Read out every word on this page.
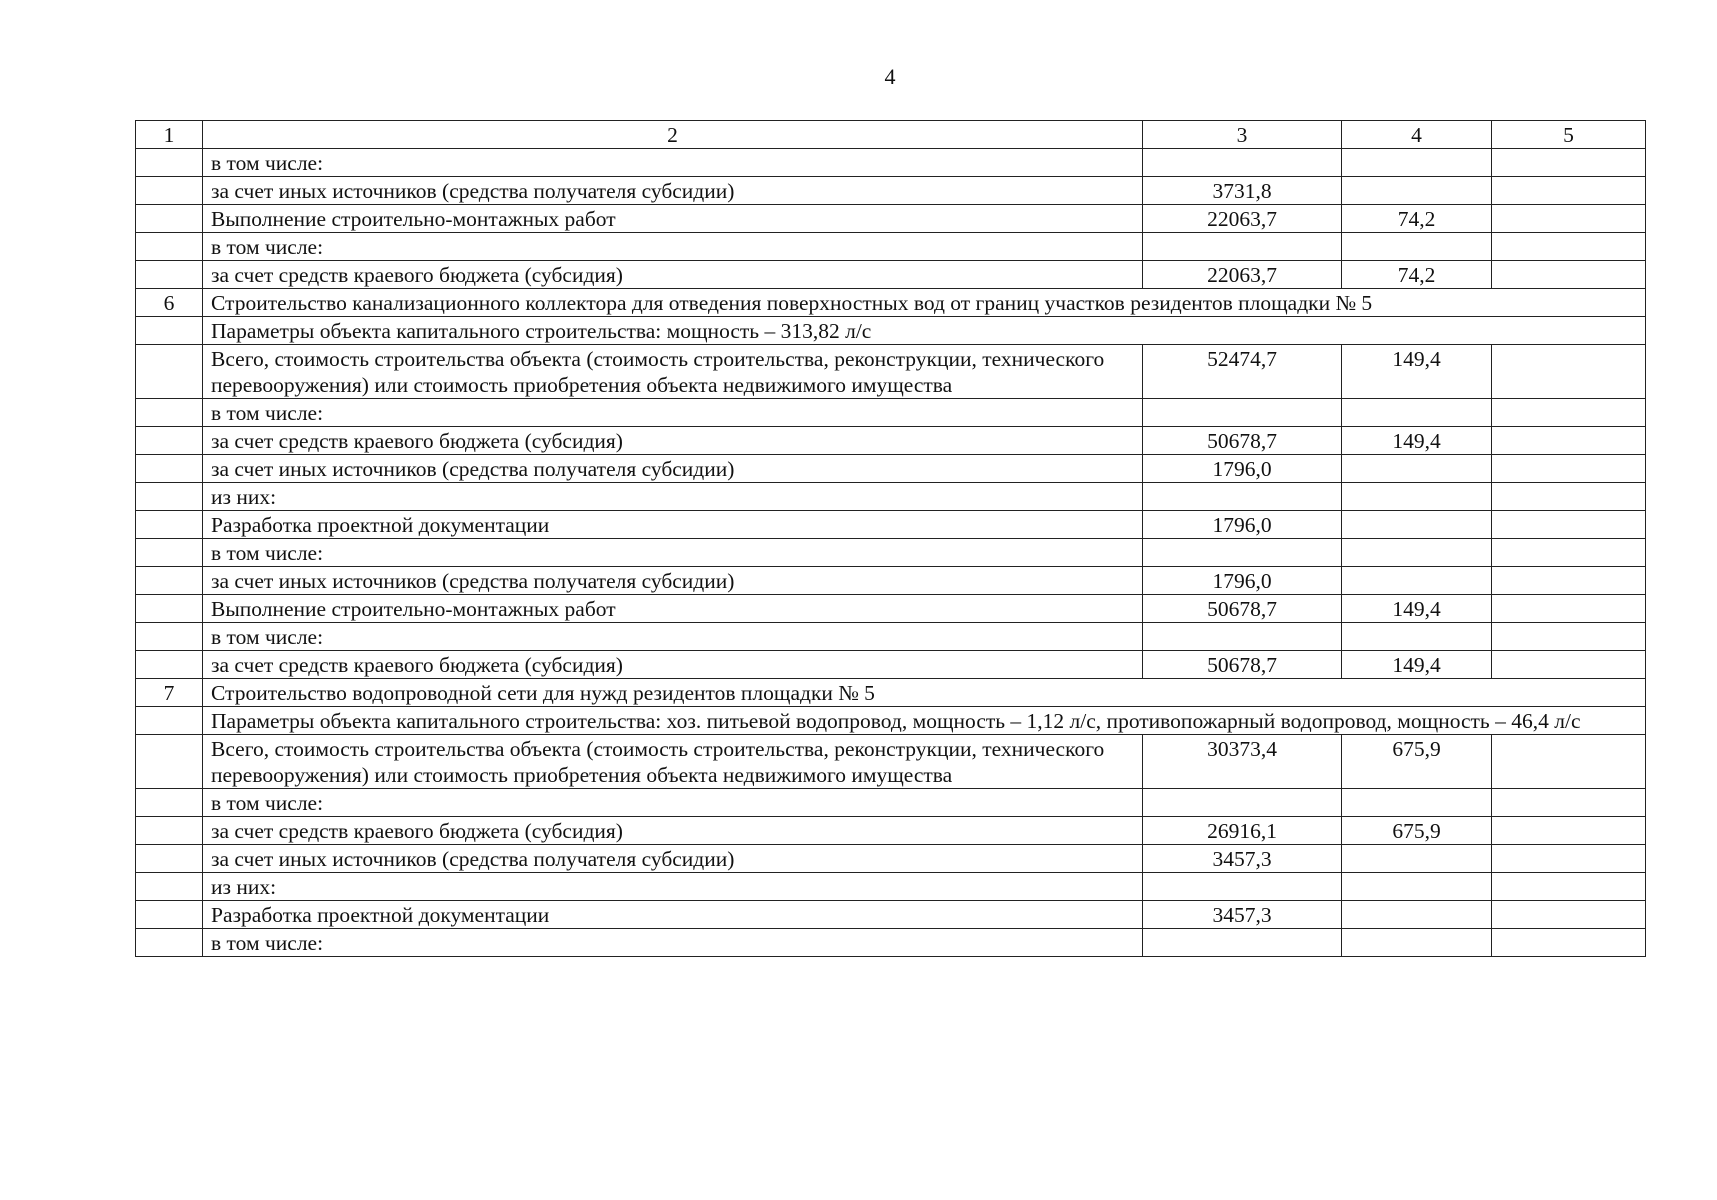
4
1	2	3	4	5
	в том числе:			
	за счет иных источников (средства получателя субсидии)	3731,8		
	Выполнение строительно-монтажных работ	22063,7	74,2	
	в том числе:			
	за счет средств краевого бюджета (субсидия)	22063,7	74,2	
6	Строительство канализационного коллектора для отведения поверхностных вод от границ участков резидентов площадки № 5			
	Параметры объекта капитального строительства: мощность – 313,82 л/с			
	Всего, стоимость строительства объекта (стоимость строительства, реконструкции, технического перевооружения) или стоимость приобретения объекта недвижимого имущества	52474,7	149,4	
	в том числе:			
	за счет средств краевого бюджета (субсидия)	50678,7	149,4	
	за счет иных источников (средства получателя субсидии)	1796,0		
	из них:			
	Разработка проектной документации	1796,0		
	в том числе:			
	за счет иных источников (средства получателя субсидии)	1796,0		
	Выполнение строительно-монтажных работ	50678,7	149,4	
	в том числе:			
	за счет средств краевого бюджета (субсидия)	50678,7	149,4	
7	Строительство водопроводной сети для нужд резидентов площадки № 5			
	Параметры объекта капитального строительства: хоз. питьевой водопровод, мощность – 1,12 л/с, противопожарный водопровод, мощность – 46,4 л/с			
	Всего, стоимость строительства объекта (стоимость строительства, реконструкции, технического перевооружения) или стоимость приобретения объекта недвижимого имущества	30373,4	675,9	
	в том числе:			
	за счет средств краевого бюджета (субсидия)	26916,1	675,9	
	за счет иных источников (средства получателя субсидии)	3457,3		
	из них:			
	Разработка проектной документации	3457,3		
	в том числе:			
